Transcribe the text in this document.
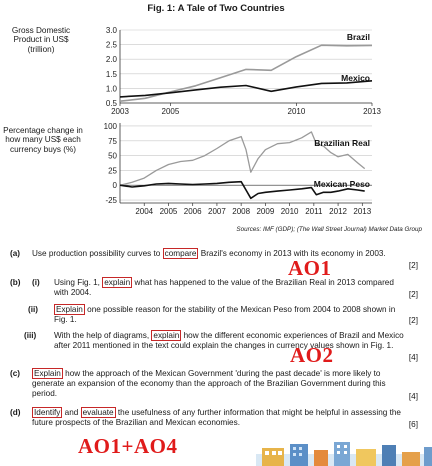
Fig. 1: A Tale of Two Countries
Gross Domestic Product in US$ (trillion)
Percentage change in how many US$ each currency buys (%)
0.5
1.0
1.5
2.0
2.5
3.0
2003	2005	2010	2013
Brazil
Mexico
-25
0
25
50
75
100
2004 2005 2006 2007 2008 2009 2010 2011 2012 2013
Brazilian Real
Mexican Peso
Sources: IMF (GDP); (The Wall Street Journal) Market Data Group
(a) Use production possibility curves to compare Brazil's economy in 2013 with its economy in 2003.
[2]
(b) (i) Using Fig. 1, explain what has happened to the value of the Brazilian Real in 2013 compared with 2004.	[2]
(ii) Explain one possible reason for the stability of the Mexican Peso from 2004 to 2008 shown in Fig. 1.	[2]
(iii) With the help of diagrams, explain how the different economic experiences of Brazil and Mexico after 2011 mentioned in the text could explain the changes in currency values shown in Fig. 1.
[4]
(c) Explain how the approach of the Mexican Government 'during the past decade' is more likely to generate an expansion of the economy than the approach of the Brazilian Government during this period.	[4]
(d) Identify and evaluate the usefulness of any further information that might be helpful in assessing the future prospects of the Brazilian and Mexican economies.	[6]
AO1
AO2
AO1+AO4
